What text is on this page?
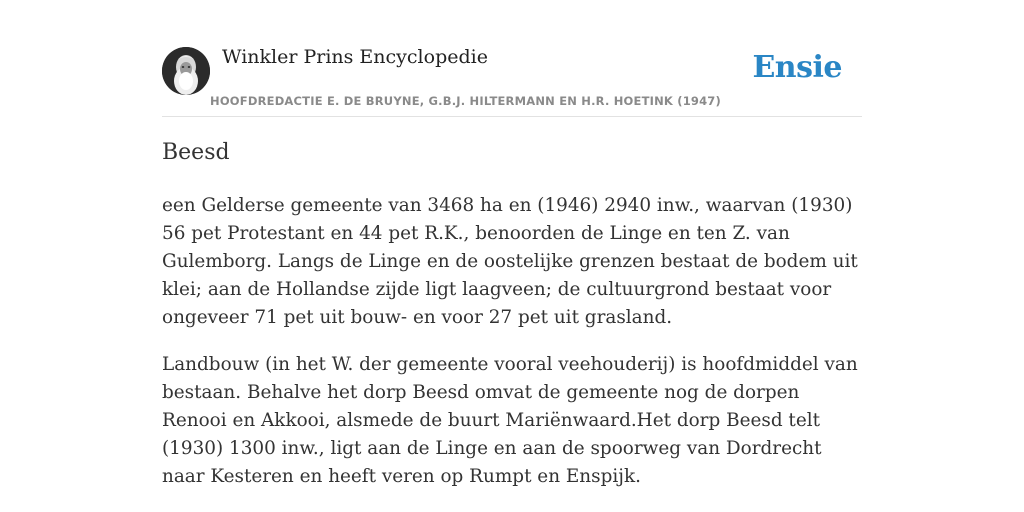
Winkler Prins Encyclopedie
HOOFDREDACTIE E. DE BRUYNE, G.B.J. HILTERMANN EN H.R. HOETINK (1947)
Ensie
Beesd

een Gelderse gemeente van 3468 ha en (1946) 2940 inw., waarvan (1930) 56 pet Protestant en 44 pet R.K., benoorden de Linge en ten Z. van Gulemborg. Langs de Linge en de oostelijke grenzen bestaat de bodem uit klei; aan de Hollandse zijde ligt laagveen; de cultuurgrond bestaat voor ongeveer 71 pet uit bouw- en voor 27 pet uit grasland.

Landbouw (in het W. der gemeente vooral veehouderij) is hoofdmiddel van bestaan. Behalve het dorp Beesd omvat de gemeente nog de dorpen Renooi en Akkooi, alsmede de buurt Mariënwaard.Het dorp Beesd telt (1930) 1300 inw., ligt aan de Linge en aan de spoorweg van Dordrecht naar Kesteren en heeft veren op Rumpt en Enspijk.
